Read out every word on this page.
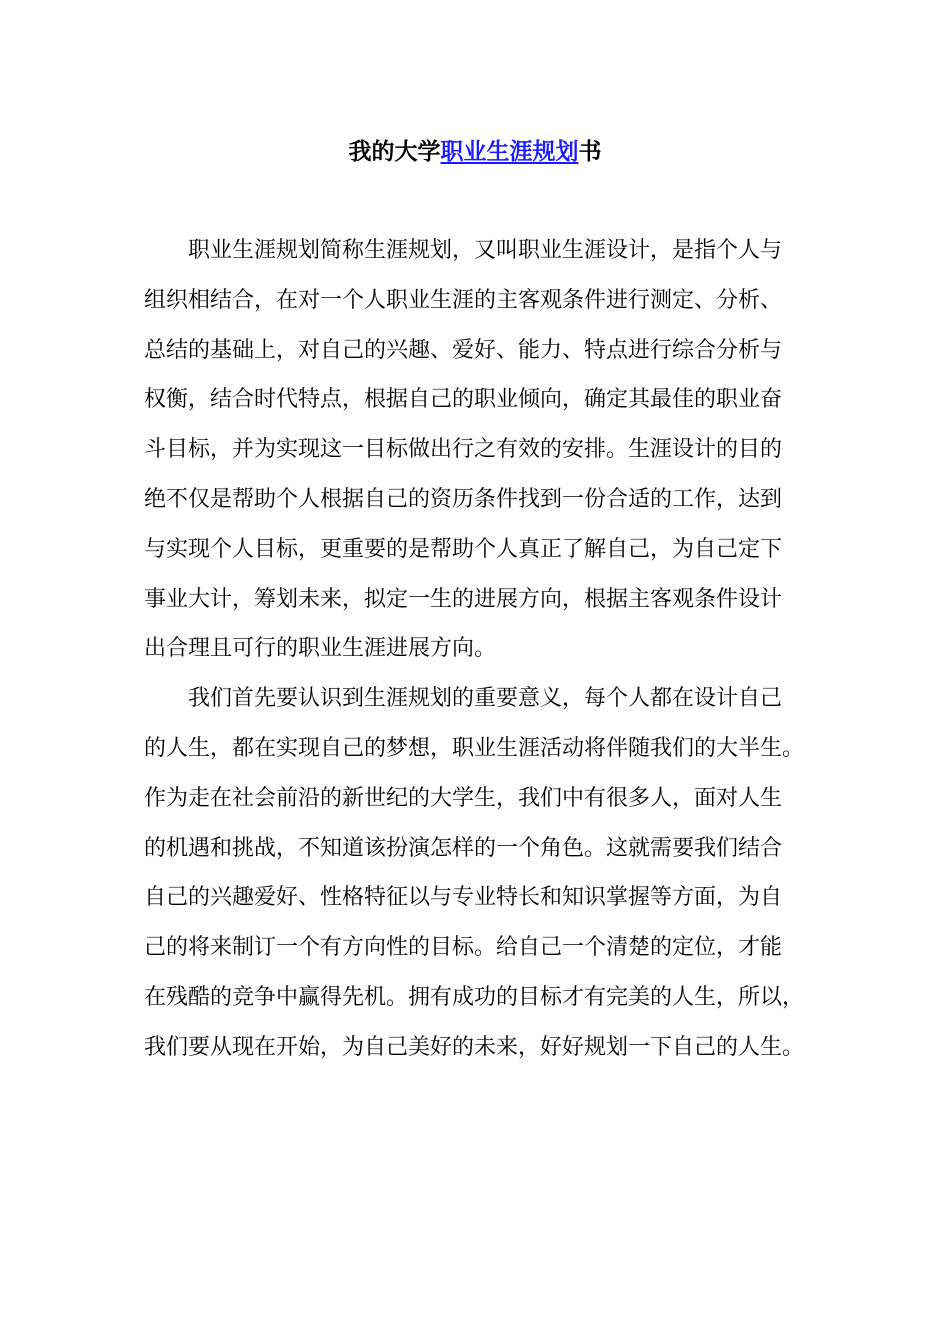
我的大学职业生涯规划书

职业生涯规划简称生涯规划，又叫职业生涯设计，是指个人与
组织相结合，在对一个人职业生涯的主客观条件进行测定、分析、
总结的基础上，对自己的兴趣、爱好、能力、特点进行综合分析与
权衡，结合时代特点，根据自己的职业倾向，确定其最佳的职业奋
斗目标，并为实现这一目标做出行之有效的安排。生涯设计的目的
绝不仅是帮助个人根据自己的资历条件找到一份合适的工作，达到
与实现个人目标，更重要的是帮助个人真正了解自己，为自己定下
事业大计，筹划未来，拟定一生的进展方向，根据主客观条件设计
出合理且可行的职业生涯进展方向。

我们首先要认识到生涯规划的重要意义，每个人都在设计自己
的人生，都在实现自己的梦想，职业生涯活动将伴随我们的大半生。
作为走在社会前沿的新世纪的大学生，我们中有很多人，面对人生
的机遇和挑战，不知道该扮演怎样的一个角色。这就需要我们结合
自己的兴趣爱好、性格特征以与专业特长和知识掌握等方面，为自
己的将来制订一个有方向性的目标。给自己一个清楚的定位，才能
在残酷的竞争中赢得先机。拥有成功的目标才有完美的人生，所以，
我们要从现在开始，为自己美好的未来，好好规划一下自己的人生。
